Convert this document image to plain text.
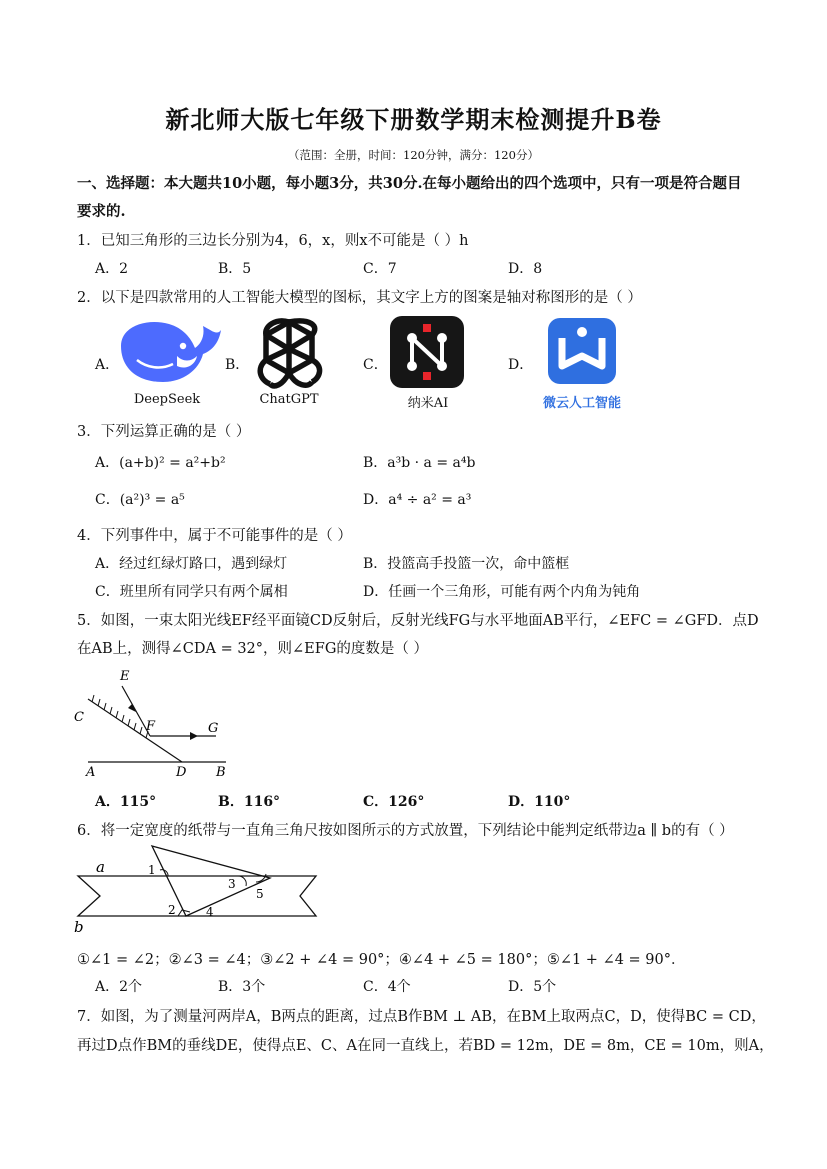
新北师大版七年级下册数学期末检测提升B卷
（范围：全册，时间：120分钟，满分：120分）
一、选择题：本大题共10小题，每小题3分，共30分.在每小题给出的四个选项中，只有一项是符合题目
要求的.
1．已知三角形的三边长分别为4，6，x，则x不可能是（ ）h
A．2	B．5	C．7	D．8
2．以下是四款常用的人工智能大模型的图标，其文字上方的图案是轴对称图形的是（ ）
A．	B．	C．	D．
DeepSeek	ChatGPT	纳米AI	微云人工智能
3．下列运算正确的是（ ）
A．(a+b)² = a²+b²	B．a³b · a = a⁴b
C．(a²)³ = a⁵	D．a⁴ ÷ a² = a³
4．下列事件中，属于不可能事件的是（ ）
A．经过红绿灯路口，遇到绿灯	B．投篮高手投篮一次，命中篮框
C．班里所有同学只有两个属相	D．任画一个三角形，可能有两个内角为钝角
5．如图，一束太阳光线EF经平面镜CD反射后，反射光线FG与水平地面AB平行，∠EFC = ∠GFD．点D
在AB上，测得∠CDA = 32°，则∠EFG的度数是（ ）
E
C
F	G
A	D B
A．115°	B．116°	C．126°	D．110°
6．将一定宽度的纸带与一直角三角尺按如图所示的方式放置，下列结论中能判定纸带边a ∥ b的有（ ）
a
b
1
2
3
4
5
①∠1 = ∠2；②∠3 = ∠4；③∠2 + ∠4 = 90°；④∠4 + ∠5 = 180°；⑤∠1 + ∠4 = 90°．
A．2个	B．3个	C．4个	D．5个
7．如图，为了测量河两岸A，B两点的距离，过点B作BM ⊥ AB，在BM上取两点C，D，使得BC = CD，
再过D点作BM的垂线DE，使得点E、C、A在同一直线上，若BD = 12m，DE = 8m，CE = 10m，则A，
